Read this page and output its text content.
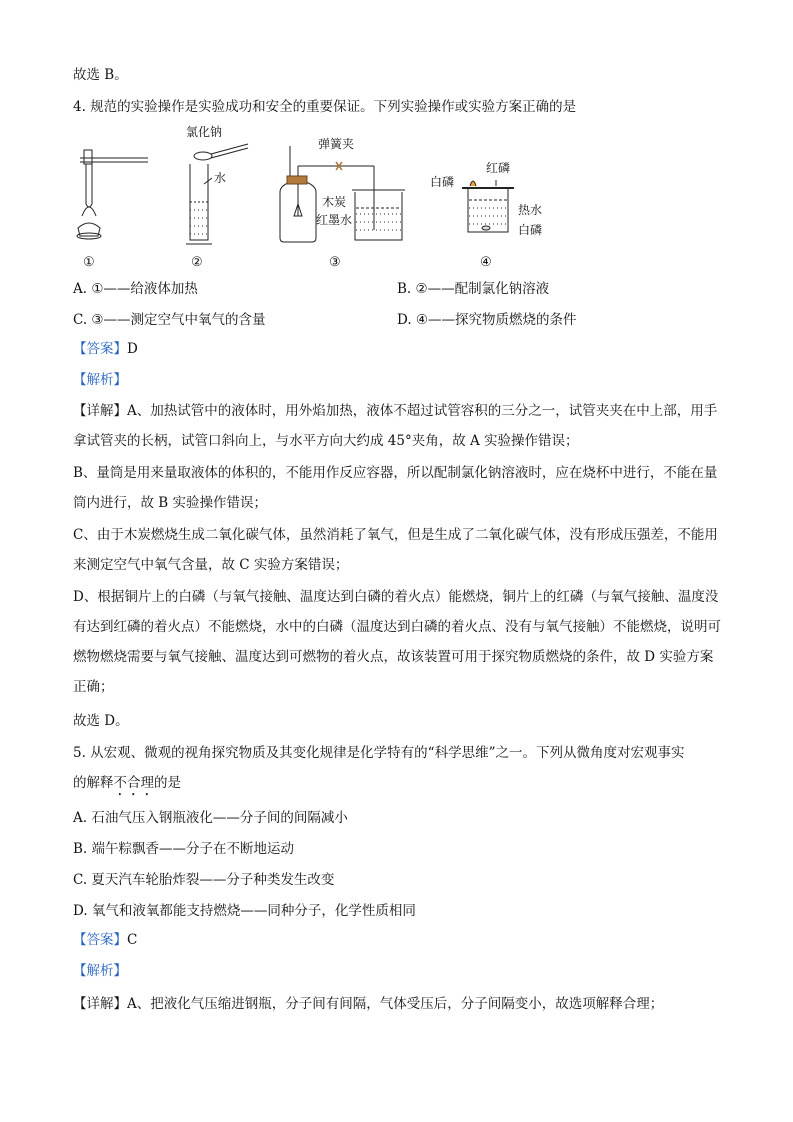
故选 B。
4. 规范的实验操作是实验成功和安全的重要保证。下列实验操作或实验方案正确的是
①
氯化钠
水
②
弹簧夹
木炭
红墨水
③
白磷
红磷
热水
白磷
④
A. ①——给液体加热	B. ②——配制氯化钠溶液
C. ③——测定空气中氧气的含量	D. ④——探究物质燃烧的条件
【答案】D
【解析】
【详解】A、加热试管中的液体时，用外焰加热，液体不超过试管容积的三分之一，试管夹夹在中上部，用手拿试管夹的长柄，试管口斜向上，与水平方向大约成 45°夹角，故 A 实验操作错误；
B、量筒是用来量取液体的体积的，不能用作反应容器，所以配制氯化钠溶液时，应在烧杯中进行，不能在量筒内进行，故 B 实验操作错误；
C、由于木炭燃烧生成二氧化碳气体，虽然消耗了氧气，但是生成了二氧化碳气体，没有形成压强差，不能用来测定空气中氧气含量，故 C 实验方案错误；
D、根据铜片上的白磷（与氧气接触、温度达到白磷的着火点）能燃烧，铜片上的红磷（与氧气接触、温度没有达到红磷的着火点）不能燃烧，水中的白磷（温度达到白磷的着火点、没有与氧气接触）不能燃烧，说明可燃物燃烧需要与氧气接触、温度达到可燃物的着火点，故该装置可用于探究物质燃烧的条件，故 D 实验方案正确；
故选 D。
5. 从宏观、微观的视角探究物质及其变化规律是化学特有的“科学思维”之一。下列从微角度对宏观事实
的解释不合理的是
A. 石油气压入钢瓶液化——分子间的间隔减小
B. 端午粽飘香——分子在不断地运动
C. 夏天汽车轮胎炸裂——分子种类发生改变
D. 氧气和液氧都能支持燃烧——同种分子，化学性质相同
【答案】C
【解析】
【详解】A、把液化气压缩进钢瓶，分子间有间隔，气体受压后，分子间隔变小，故选项解释合理；
